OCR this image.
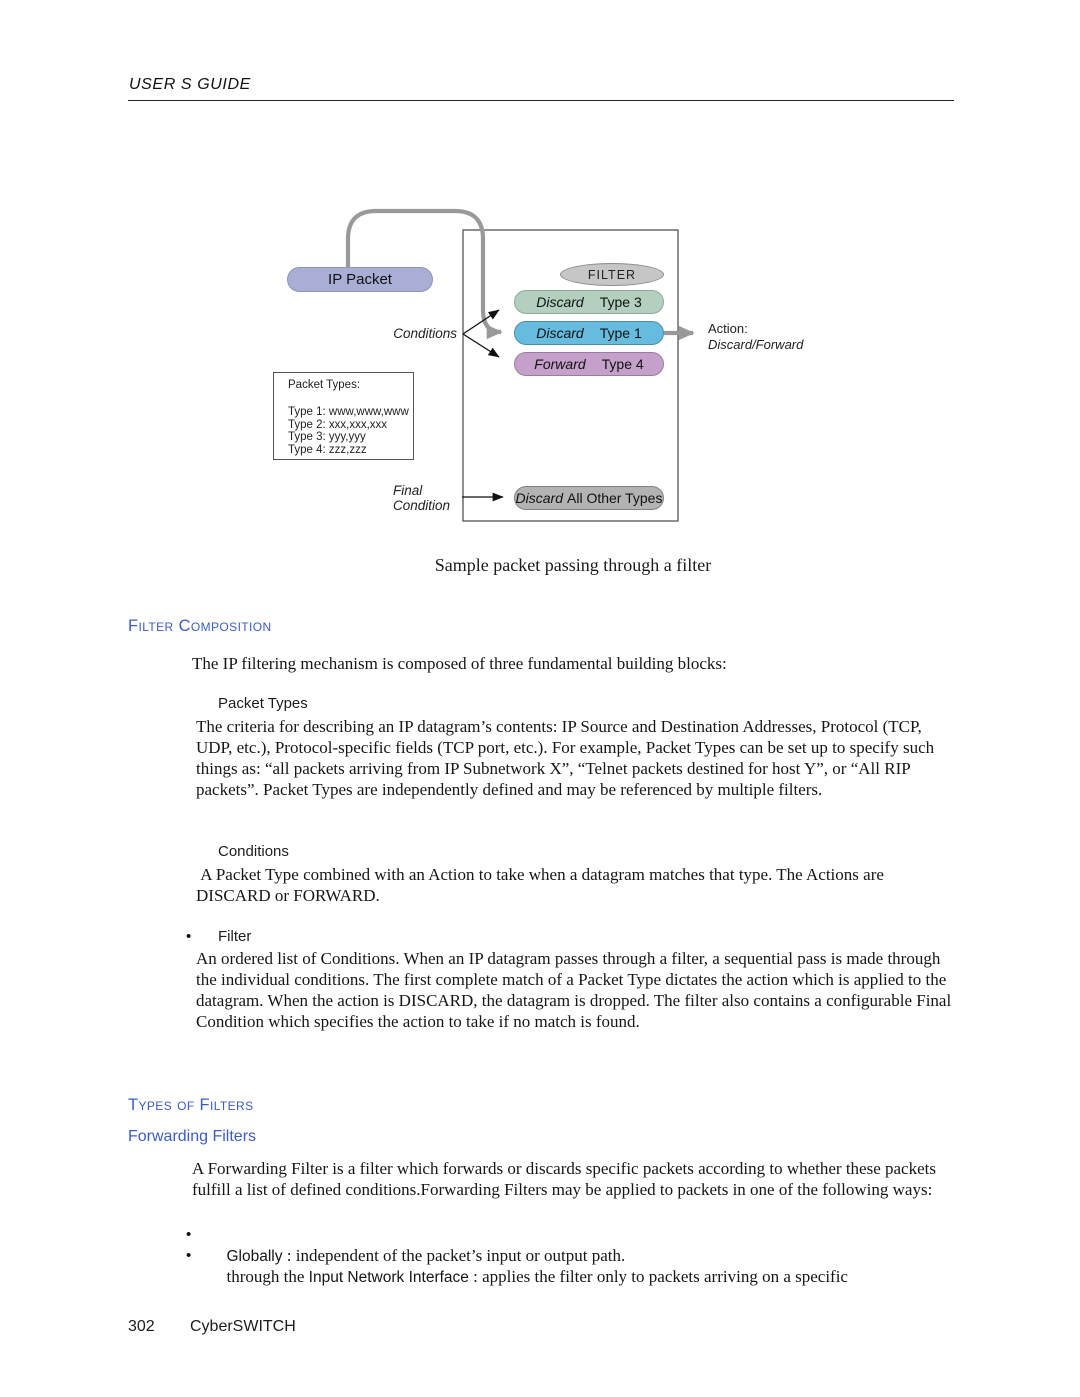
USER S GUIDE
IP Packet	FILTER
Discard Type 3
Discard Type 1
Forward Type 4
Discard All Other Types
Conditions	Action:
Discard/Forward
Final
Condition
Packet Types:
Type 1: www,www,www
Type 2: xxx,xxx,xxx
Type 3: yyy,yyy
Type 4: zzz,zzz
Sample packet passing through a filter
Filter Composition
The IP filtering mechanism is composed of three fundamental building blocks:
Packet Types
The criteria for describing an IP datagram’s contents: IP Source and Destination Addresses, Protocol (TCP, UDP, etc.), Protocol-specific fields (TCP port, etc.). For example, Packet Types can be set up to specify such things as: “all packets arriving from IP Subnetwork X”, “Telnet packets destined for host Y”, or “All RIP packets”. Packet Types are independently defined and may be referenced by multiple filters.
Conditions
A Packet Type combined with an Action to take when a datagram matches that type. The Actions are DISCARD or FORWARD.
• Filter
An ordered list of Conditions. When an IP datagram passes through a filter, a sequential pass is made through the individual conditions. The first complete match of a Packet Type dictates the action which is applied to the datagram. When the action is DISCARD, the datagram is dropped. The filter also contains a configurable Final Condition which specifies the action to take if no match is found.
Types of Filters
Forwarding Filters
A Forwarding Filter is a filter which forwards or discards specific packets according to whether these packets fulfill a list of defined conditions.Forwarding Filters may be applied to packets in one of the following ways:
•

Globally : independent of the packet’s input or output path.

•

through the Input Network Interface : applies the filter only to packets arriving on a specific

302 CyberSWITCH
